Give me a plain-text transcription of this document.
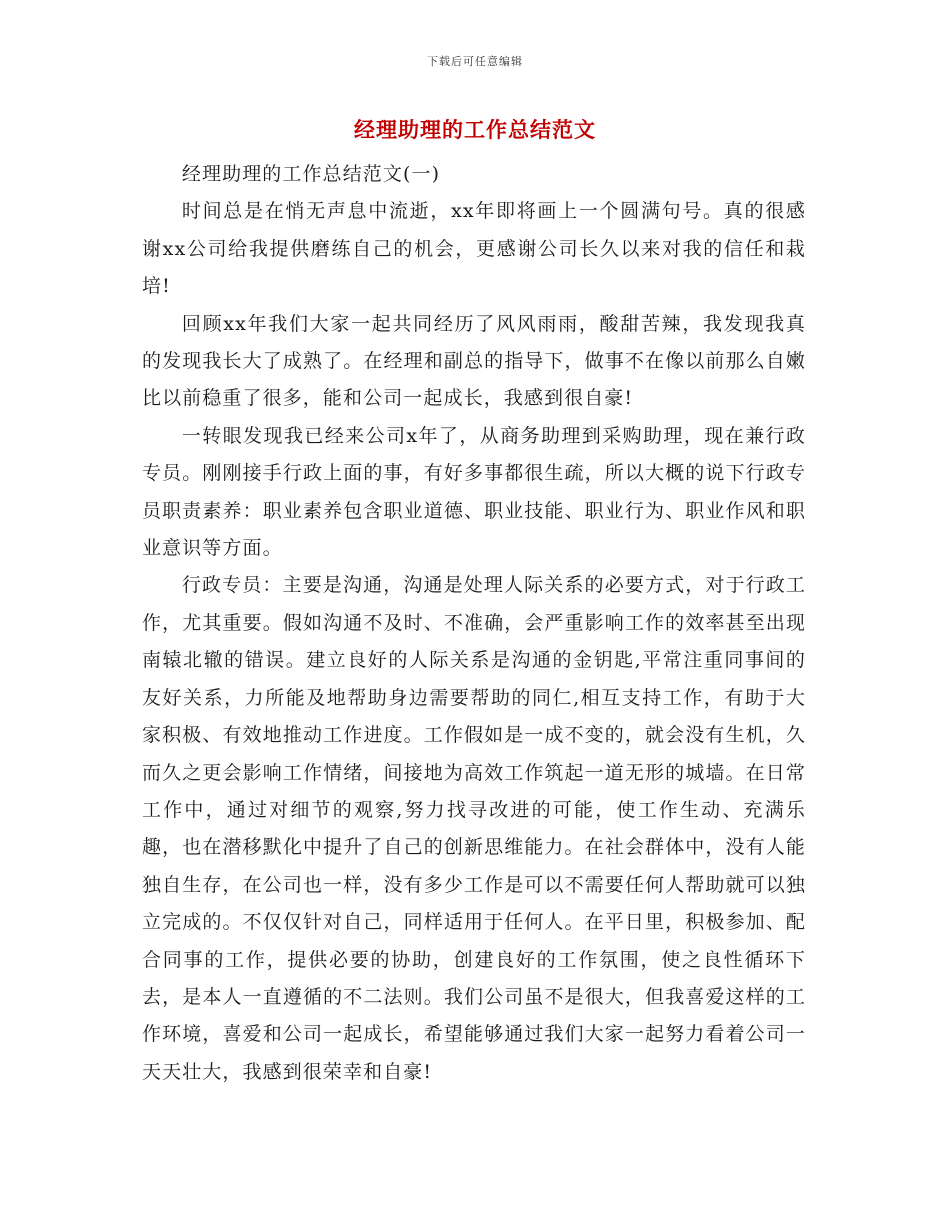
下载后可任意编辑
经理助理的工作总结范文

经理助理的工作总结范文(一)

时间总是在悄无声息中流逝，xx年即将画上一个圆满句号。真的很感谢xx公司给我提供磨练自己的机会，更感谢公司长久以来对我的信任和栽培!

回顾xx年我们大家一起共同经历了风风雨雨，酸甜苦辣，我发现我真的发现我长大了成熟了。在经理和副总的指导下，做事不在像以前那么自嫩比以前稳重了很多，能和公司一起成长，我感到很自豪!

一转眼发现我已经来公司x年了，从商务助理到采购助理，现在兼行政专员。刚刚接手行政上面的事，有好多事都很生疏，所以大概的说下行政专员职责素养：职业素养包含职业道德、职业技能、职业行为、职业作风和职业意识等方面。

行政专员：主要是沟通，沟通是处理人际关系的必要方式，对于行政工作，尤其重要。假如沟通不及时、不准确，会严重影响工作的效率甚至出现南辕北辙的错误。建立良好的人际关系是沟通的金钥匙,平常注重同事间的友好关系，力所能及地帮助身边需要帮助的同仁,相互支持工作，有助于大家积极、有效地推动工作进度。工作假如是一成不变的，就会没有生机，久而久之更会影响工作情绪，间接地为高效工作筑起一道无形的城墙。在日常工作中，通过对细节的观察,努力找寻改进的可能，使工作生动、充满乐趣，也在潜移默化中提升了自己的创新思维能力。在社会群体中，没有人能独自生存，在公司也一样，没有多少工作是可以不需要任何人帮助就可以独立完成的。不仅仅针对自己，同样适用于任何人。在平日里，积极参加、配合同事的工作，提供必要的协助，创建良好的工作氛围，使之良性循环下去，是本人一直遵循的不二法则。我们公司虽不是很大，但我喜爱这样的工作环境，喜爱和公司一起成长，希望能够通过我们大家一起努力看着公司一天天壮大，我感到很荣幸和自豪!
